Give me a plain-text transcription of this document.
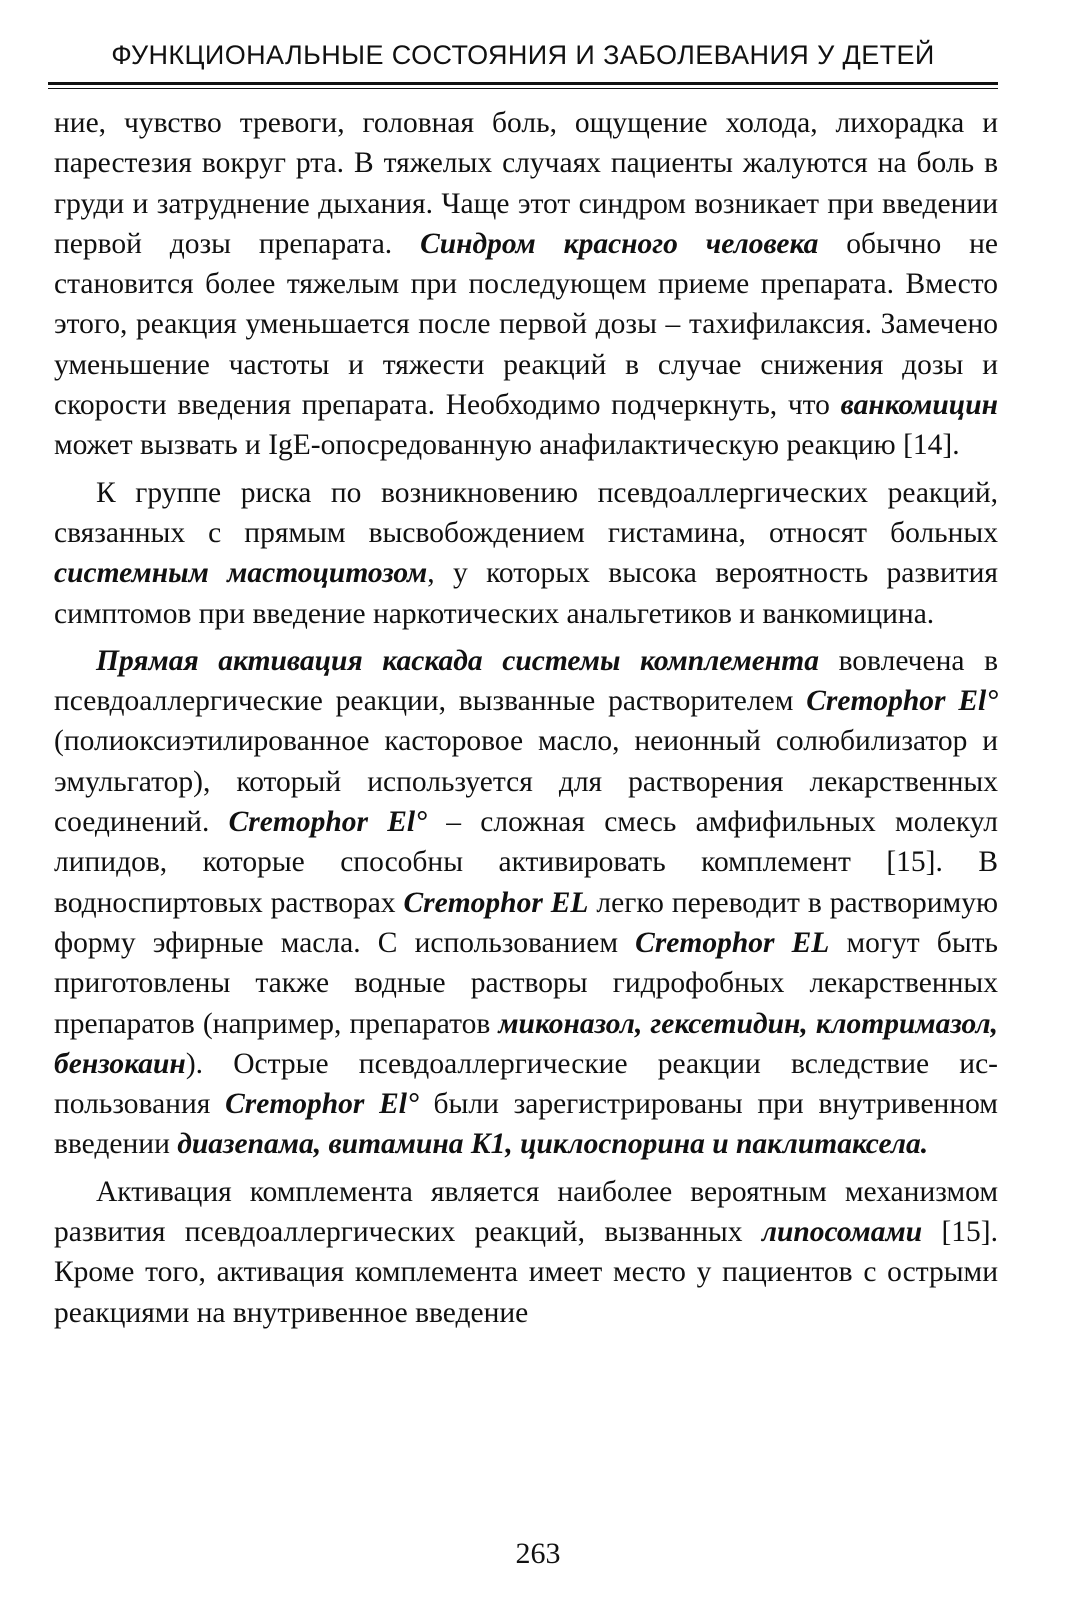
ФУНКЦИОНАЛЬНЫЕ СОСТОЯНИЯ И ЗАБОЛЕВАНИЯ У ДЕТЕЙ

ние, чувство тревоги, головная боль, ощущение холода, лихорадка и парестезия вокруг рта. В тяжелых случаях пациенты жалуются на боль в груди и затруднение дыхания. Чаще этот синдром возникает при введении первой дозы препарата. Синдром красного человека обычно не становится более тяжелым при последующем приеме препарата. Вместо этого, реакция уменьшается после первой дозы – тахифилаксия. Замечено уменьшение частоты и тяжести реакций в случае снижения дозы и скорости введения препарата. Необходимо подчеркнуть, что ванкомицин может вызвать и IgE-опосредованную анафилактическую реакцию [14].

К группе риска по возникновению псевдоаллергических реакций, связанных с прямым высвобождением гистамина, относят больных системным мастоцитозом, у которых высока вероятность развития симптомов при введение наркотических анальгетиков и ванкомицина.

Прямая активация каскада системы комплемента вовлечена в псевдоаллергические реакции, вызванные растворителем Cremophor El° (полиоксиэтилированное касторовое масло, неионный солюбилизатор и эмульгатор), который используется для растворения лекарственных соединений. Cremophor El° – сложная смесь амфифильных молекул липидов, которые способны активировать комплемент [15]. В водноспиртовых растворах Cremophor EL легко переводит в растворимую форму эфирные масла. С использованием Cremophor EL могут быть приготовлены также водные растворы гидрофобных лекарственных препаратов (например, препаратов миконазол, гексетидин, клотримазол, бензокаин). Острые псевдоаллергические реакции вследствие использования Cremophor El° были зарегистрированы при внутривенном введении диазепама, витамина K1, циклоспорина и паклитаксела.

Активация комплемента является наиболее вероятным механизмом развития псевдоаллергических реакций, вызванных липосомами [15]. Кроме того, активация комплемента имеет место у пациентов с острыми реакциями на внутривенное введение

263
